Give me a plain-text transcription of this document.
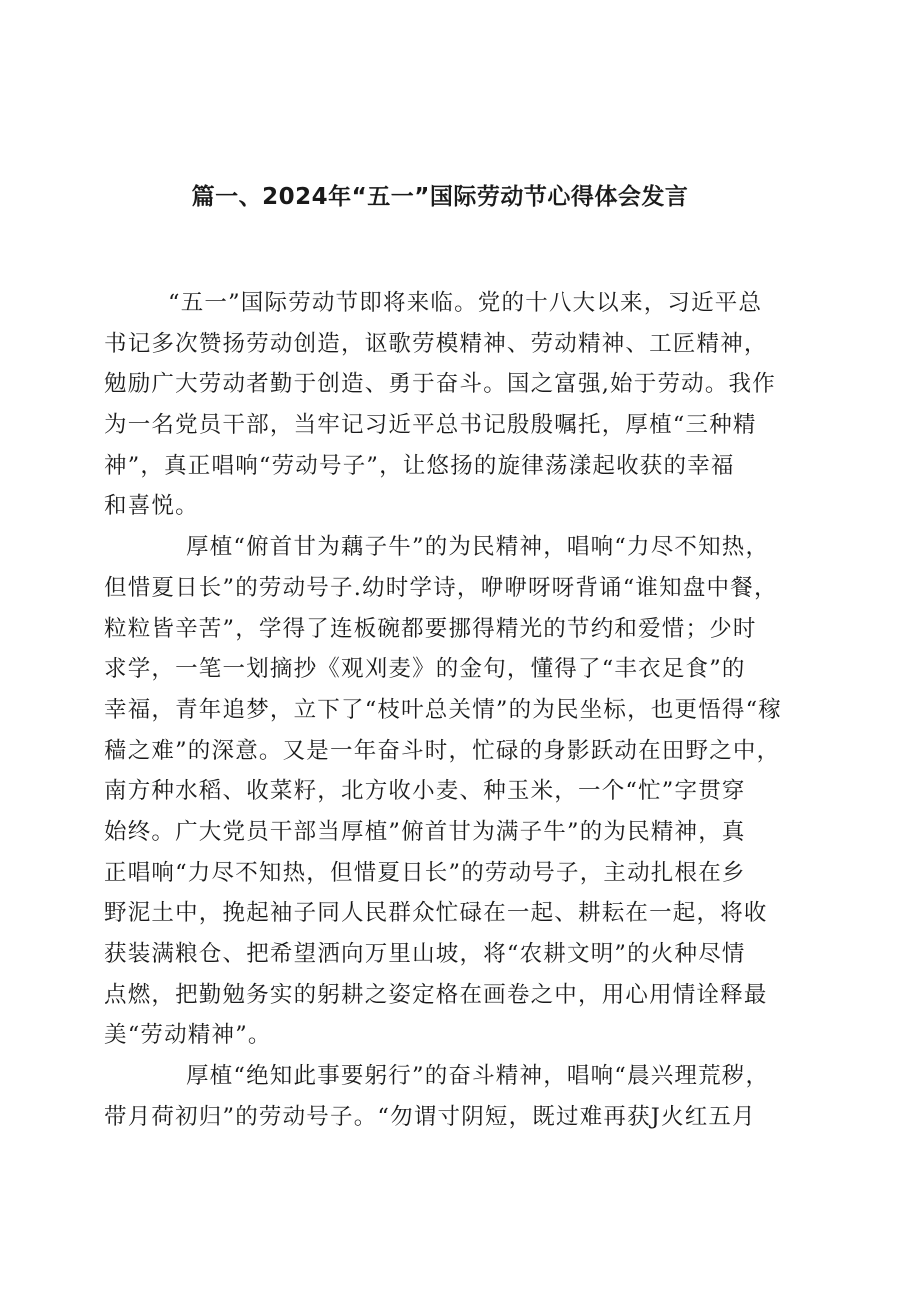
篇一、2024年“五一”国际劳动节心得体会发言
“五一”国际劳动节即将来临。党的十八大以来，习近平总
书记多次赞扬劳动创造，讴歌劳模精神、劳动精神、工匠精神，
勉励广大劳动者勤于创造、勇于奋斗。国之富强,始于劳动。我作
为一名党员干部，当牢记习近平总书记殷殷嘱托，厚植“三种精
神”，真正唱响“劳动号子”，让悠扬的旋律荡漾起收获的幸福
和喜悦。
厚植“俯首甘为藕子牛”的为民精神，唱响“力尽不知热，
但惜夏日长”的劳动号子.幼时学诗，咿咿呀呀背诵“谁知盘中餐，
粒粒皆辛苦”，学得了连板碗都要挪得精光的节约和爱惜；少时
求学，一笔一划摘抄《观刈麦》的金句，懂得了“丰衣足食”的
幸福，青年追梦，立下了“枝叶总关情”的为民坐标，也更悟得“稼
穑之难”的深意。又是一年奋斗时，忙碌的身影跃动在田野之中，
南方种水稻、收菜籽，北方收小麦、种玉米，一个“忙”字贯穿
始终。广大党员干部当厚植”俯首甘为满子牛”的为民精神，真
正唱响“力尽不知热，但惜夏日长”的劳动号子，主动扎根在乡
野泥土中，挽起袖子同人民群众忙碌在一起、耕耘在一起，将收
获装满粮仓、把希望洒向万里山坡，将“农耕文明”的火种尽情
点燃，把勤勉务实的躬耕之姿定格在画卷之中，用心用情诠释最
美“劳动精神”。
厚植“绝知此事要躬行”的奋斗精神，唱响“晨兴理荒秽，
带月荷初归”的劳动号子。“勿谓寸阴短，既过难再获J火红五月
